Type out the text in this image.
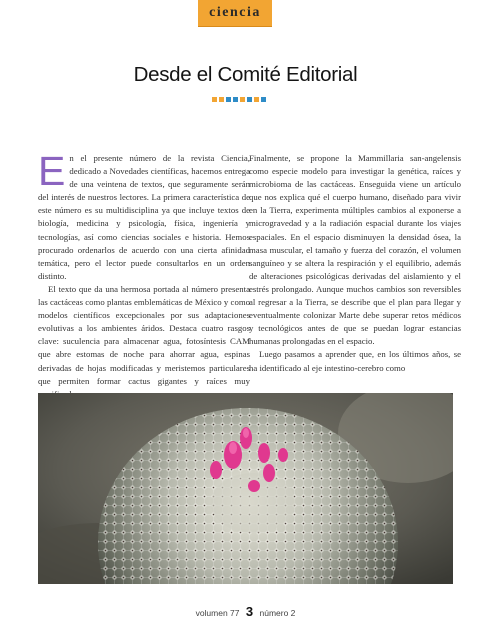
ciencia
Desde el Comité Editorial

En el presente número de la revista Ciencia, dedicado a Novedades científicas, hacemos entrega de una veintena de textos, que seguramente serán del interés de nuestros lectores. La primera característica de este número es su multidisciplina ya que incluye textos de biología, medicina y psicología, física, ingeniería y tecnologías, así como ciencias sociales e historia. Hemos procurado ordenarlos de acuerdo con una cierta afinidad temática, pero el lector puede consultarlos en un orden distinto.

El texto que da una hermosa portada al número presenta las cactáceas como plantas emblemáticas de México y como modelos científicos excepcionales por sus adaptaciones evolutivas a los ambientes áridos. Destaca cuatro rasgos clave: suculencia para almacenar agua, fotosíntesis CAM que abre estomas de noche para ahorrar agua, espinas derivadas de hojas modificadas y meristemos particulares que permiten formar cactus gigantes y raíces muy

Finalmente, se propone la Mammillaria san-angelensis como especie modelo para investigar la genética, raíces y microbioma de las cactáceas. Enseguida viene un artículo que nos explica qué el cuerpo humano, diseñado para vivir en la Tierra, experimenta múltiples cambios al exponerse a microgravedad y a la radiación espacial durante los viajes espaciales. En el espacio disminuyen la densidad ósea, la masa muscular, el tamaño y fuerza del corazón, el volumen sanguíneo y se altera la respiración y el equilibrio, además de alteraciones psicológicas derivadas del aislamiento y el estrés prolongado. Aunque muchos cambios son reversibles al regresar a la Tierra, se describe que el plan para llegar y eventualmente colonizar Marte debe superar retos médicos y tecnológicos antes de que se puedan lograr estancias humanas prolongadas en el espacio.

Luego pasamos a aprender que, en los últimos años, se ha identificado al eje intestino-cerebro como

volumen 77 3 número 2
